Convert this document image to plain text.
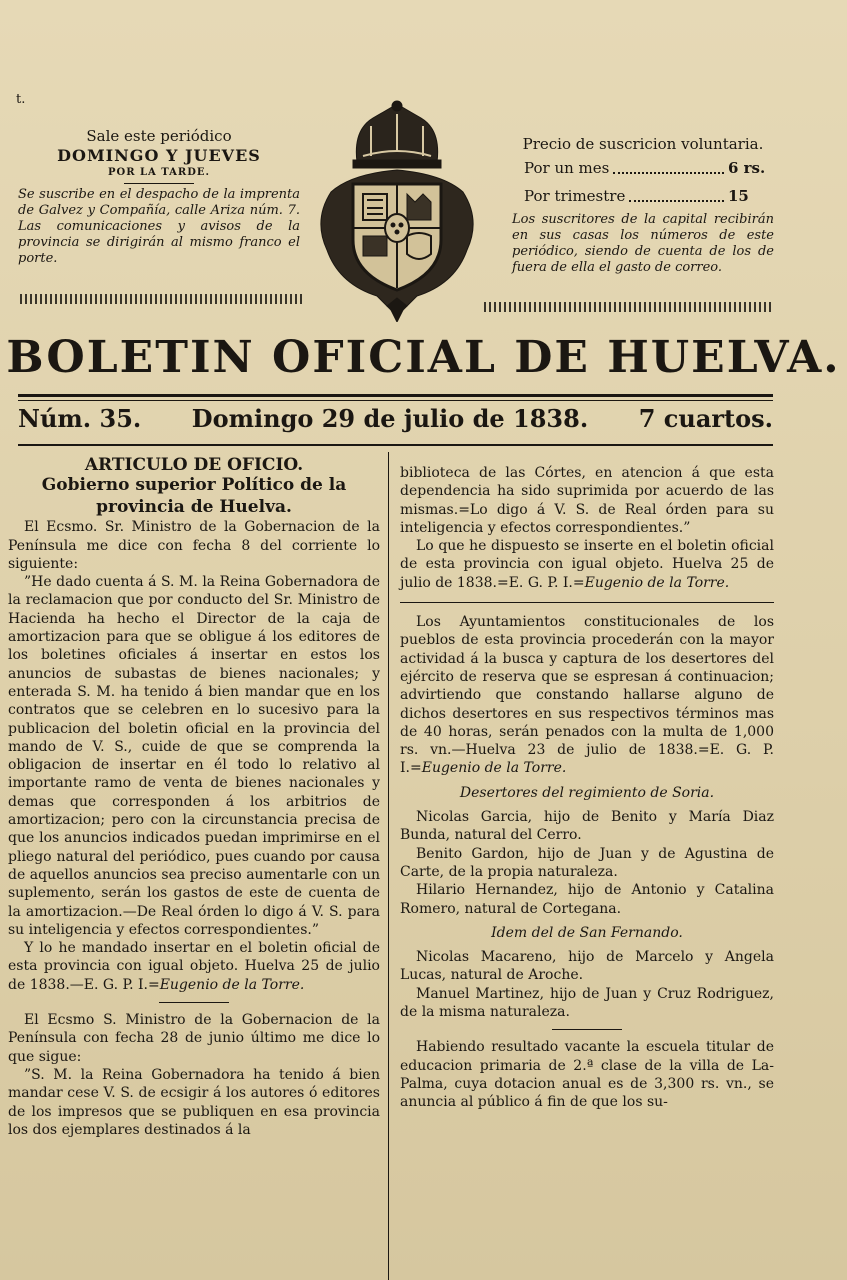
t.
Sale este periódico
DOMINGO Y JUEVES
POR LA TARDE.
Se suscribe en el despacho de la imprenta de Galvez y Compañía, calle Ariza núm. 7. Las comunicaciones y avisos de la provincia se dirigirán al mismo franco el porte.
Precio de suscricion voluntaria.
Por un mes	6 rs.
Por trimestre	15
Los suscritores de la capital recibirán en sus casas los números de este periódico, siendo de cuenta de los de fuera de ella el gasto de correo.
BOLETIN OFICIAL DE HUELVA.
Núm. 35. Domingo 29 de julio de 1838. 7 cuartos.

ARTICULO DE OFICIO.

Gobierno superior Político de la provincia de Huelva.

El Ecsmo. Sr. Ministro de la Gobernacion de la Península me dice con fecha 8 del corriente lo siguiente:

”He dado cuenta á S. M. la Reina Gobernadora de la reclamacion que por conducto del Sr. Ministro de Hacienda ha hecho el Director de la caja de amortizacion para que se obligue á los editores de los boletines oficiales á insertar en estos los anuncios de subastas de bienes nacionales; y enterada S. M. ha tenido á bien mandar que en los contratos que se celebren en lo sucesivo para la publicacion del boletin oficial en la provincia del mando de V. S., cuide de que se comprenda la obligacion de insertar en él todo lo relativo al importante ramo de venta de bienes nacionales y demas que corresponden á los arbitrios de amortizacion; pero con la circunstancia precisa de que los anuncios indicados puedan imprimirse en el pliego natural del periódico, pues cuando por causa de aquellos anuncios sea preciso aumentarle con un suplemento, serán los gastos de este de cuenta de la amortizacion.—De Real órden lo digo á V. S. para su inteligencia y efectos correspondientes.”

Y lo he mandado insertar en el boletin oficial de esta provincia con igual objeto. Huelva 25 de julio de 1838.—E. G. P. I.=Eugenio de la Torre.

El Ecsmo S. Ministro de la Gobernacion de la Península con fecha 28 de junio último me dice lo que sigue:

”S. M. la Reina Gobernadora ha tenido á bien mandar cese V. S. de ecsigir á los autores ó editores de los impresos que se publiquen en esa provincia los dos ejemplares destinados á la

biblioteca de las Córtes, en atencion á que esta dependencia ha sido suprimida por acuerdo de las mismas.=Lo digo á V. S. de Real órden para su inteligencia y efectos correspondientes.”

Lo que he dispuesto se inserte en el boletin oficial de esta provincia con igual objeto. Huelva 25 de julio de 1838.=E. G. P. I.=Eugenio de la Torre.

Los Ayuntamientos constitucionales de los pueblos de esta provincia procederán con la mayor actividad á la busca y captura de los desertores del ejército de reserva que se espresan á continuacion; advirtiendo que constando hallarse alguno de dichos desertores en sus respectivos términos mas de 40 horas, serán penados con la multa de 1,000 rs. vn.—Huelva 23 de julio de 1838.=E. G. P. I.=Eugenio de la Torre.

Desertores del regimiento de Soria.

Nicolas Garcia, hijo de Benito y María Diaz Bunda, natural del Cerro.

Benito Gardon, hijo de Juan y de Agustina de Carte, de la propia naturaleza.

Hilario Hernandez, hijo de Antonio y Catalina Romero, natural de Cortegana.

Idem del de San Fernando.

Nicolas Macareno, hijo de Marcelo y Angela Lucas, natural de Aroche.

Manuel Martinez, hijo de Juan y Cruz Rodriguez, de la misma naturaleza.

Habiendo resultado vacante la escuela titular de educacion primaria de 2.ª clase de la villa de La-Palma, cuya dotacion anual es de 3,300 rs. vn., se anuncia al público á fin de que los su-
